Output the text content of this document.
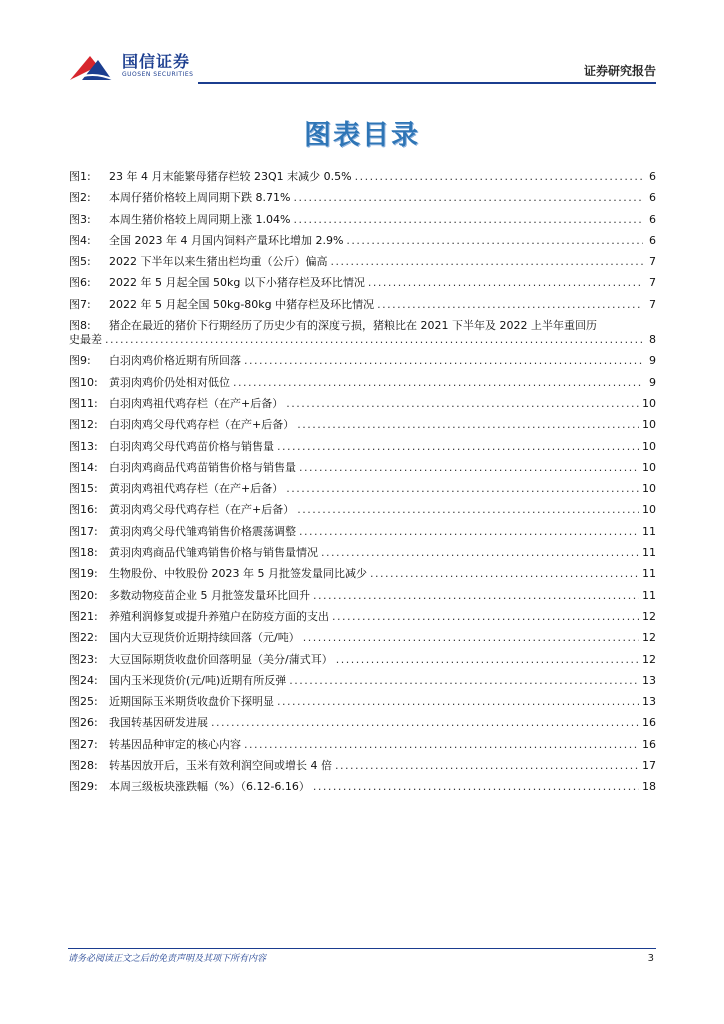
国信证券
GUOSEN SECURITIES	证券研究报告
图表目录
图1:	23 年 4 月末能繁母猪存栏较 23Q1 末减少 0.5% .....	6
图2:	本周仔猪价格较上周同期下跌 8.71% .....	6
图3:	本周生猪价格较上周同期上涨 1.04% .....	6
图4:	全国 2023 年 4 月国内饲料产量环比增加 2.9% .....	6
图5:	2022 下半年以来生猪出栏均重（公斤）偏高 .....	7
图6:	2022 年 5 月起全国 50kg 以下小猪存栏及环比情况 .....	7
图7:	2022 年 5 月起全国 50kg-80kg 中猪存栏及环比情况 .....	7
图8:	猪企在最近的猪价下行期经历了历史少有的深度亏损，猪粮比在 2021 下半年及 2022 上半年重回历
史最差 .....	8
图9:	白羽肉鸡价格近期有所回落 .....	9
图10:	黄羽肉鸡价仍处相对低位 .....	9
图11:	白羽肉鸡祖代鸡存栏（在产+后备） .....	10
图12:	白羽肉鸡父母代鸡存栏（在产+后备） .....	10
图13:	白羽肉鸡父母代鸡苗价格与销售量 .....	10
图14:	白羽肉鸡商品代鸡苗销售价格与销售量 .....	10
图15:	黄羽肉鸡祖代鸡存栏（在产+后备） .....	10
图16:	黄羽肉鸡父母代鸡存栏（在产+后备） .....	10
图17:	黄羽肉鸡父母代雏鸡销售价格震荡调整 .....	11
图18:	黄羽肉鸡商品代雏鸡销售价格与销售量情况 .....	11
图19:	生物股份、中牧股份 2023 年 5 月批签发量同比减少 .....	11
图20:	多数动物疫苗企业 5 月批签发量环比回升 .....	11
图21:	养殖利润修复或提升养殖户在防疫方面的支出 .....	12
图22:	国内大豆现货价近期持续回落（元/吨） .....	12
图23:	大豆国际期货收盘价回落明显（美分/蒲式耳） .....	12
图24:	国内玉米现货价(元/吨)近期有所反弹 .....	13
图25:	近期国际玉米期货收盘价下探明显 .....	13
图26:	我国转基因研发进展 .....	16
图27:	转基因品种审定的核心内容 .....	16
图28:	转基因放开后，玉米有效利润空间或增长 4 倍 .....	17
图29:	本周三级板块涨跌幅（%）（6.12-6.16） .....	18
请务必阅读正文之后的免责声明及其项下所有内容	3
